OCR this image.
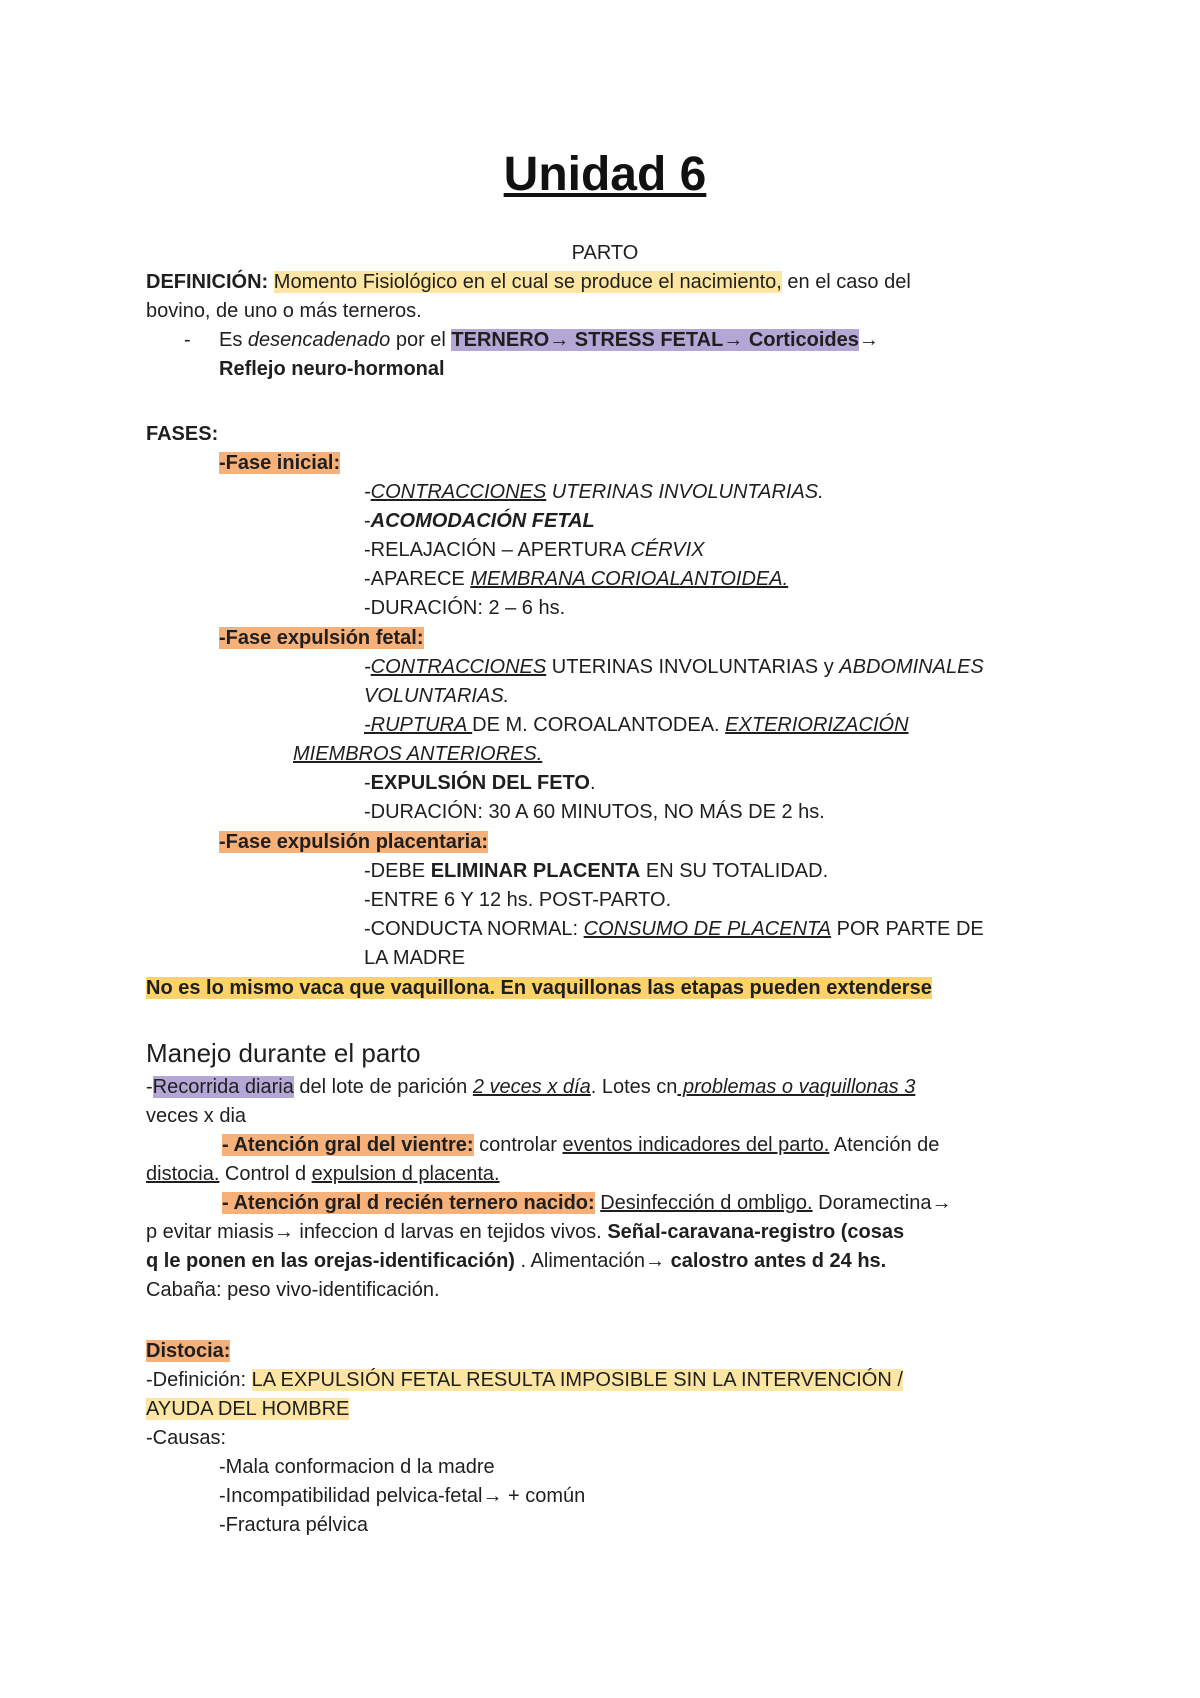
Unidad 6
PARTO
DEFINICIÓN: Momento Fisiológico en el cual se produce el nacimiento, en el caso del
bovino, de uno o más terneros.
- Es desencadenado por el TERNERO→ STRESS FETAL→ Corticoides→
Reflejo neuro-hormonal
FASES:
-Fase inicial:
-CONTRACCIONES UTERINAS INVOLUNTARIAS.
-ACOMODACIÓN FETAL
-RELAJACIÓN – APERTURA CÉRVIX
-APARECE MEMBRANA CORIOALANTOIDEA.
-DURACIÓN: 2 – 6 hs.
-Fase expulsión fetal:
-CONTRACCIONES UTERINAS INVOLUNTARIAS y ABDOMINALES
VOLUNTARIAS.
-RUPTURA DE M. COROALANTODEA. EXTERIORIZACIÓN
MIEMBROS ANTERIORES.
-EXPULSIÓN DEL FETO.
-DURACIÓN: 30 A 60 MINUTOS, NO MÁS DE 2 hs.
-Fase expulsión placentaria:
-DEBE ELIMINAR PLACENTA EN SU TOTALIDAD.
-ENTRE 6 Y 12 hs. POST-PARTO.
-CONDUCTA NORMAL: CONSUMO DE PLACENTA POR PARTE DE
LA MADRE
No es lo mismo vaca que vaquillona. En vaquillonas las etapas pueden extenderse
Manejo durante el parto
-Recorrida diaria del lote de parición 2 veces x día. Lotes cn problemas o vaquillonas 3
veces x dia
- Atención gral del vientre: controlar eventos indicadores del parto. Atención de
distocia. Control d expulsion d placenta.
- Atención gral d recién ternero nacido: Desinfección d ombligo. Doramectina→
p evitar miasis→ infeccion d larvas en tejidos vivos. Señal-caravana-registro (cosas
q le ponen en las orejas-identificación) . Alimentación→ calostro antes d 24 hs.
Cabaña: peso vivo-identificación.
Distocia:
-Definición: LA EXPULSIÓN FETAL RESULTA IMPOSIBLE SIN LA INTERVENCIÓN /
AYUDA DEL HOMBRE
-Causas:
-Mala conformacion d la madre
-Incompatibilidad pelvica-fetal→ + común
-Fractura pélvica
